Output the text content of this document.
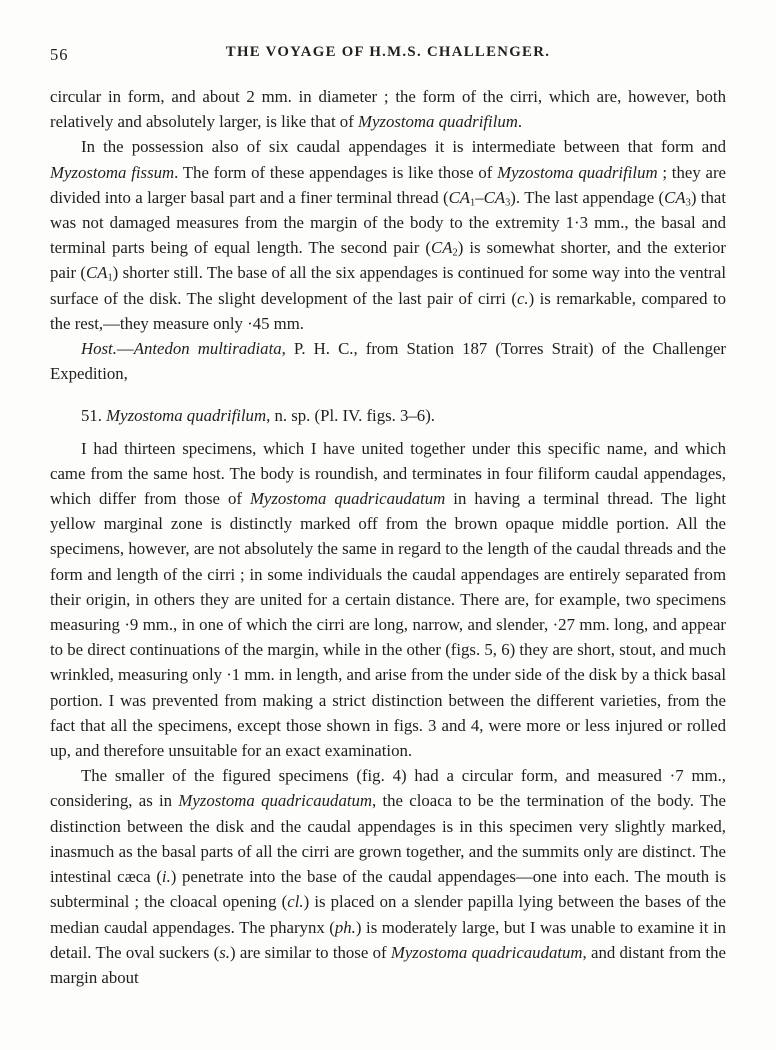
56	THE VOYAGE OF H.M.S. CHALLENGER.

circular in form, and about 2 mm. in diameter ; the form of the cirri, which are, however, both relatively and absolutely larger, is like that of Myzostoma quadrifilum.

In the possession also of six caudal appendages it is intermediate between that form and Myzostoma fissum. The form of these appendages is like those of Myzostoma quadrifilum ; they are divided into a larger basal part and a finer terminal thread $(CA_1-CA_3)$. The last appendage $(CA_3)$ that was not damaged measures from the margin of the body to the extremity 1·3 mm., the basal and terminal parts being of equal length. The second pair $(CA_2)$ is somewhat shorter, and the exterior pair $(CA_1)$ shorter still. The base of all the six appendages is continued for some way into the ventral surface of the disk. The slight development of the last pair of cirri (c.) is remarkable, compared to the rest,—they measure only ·45 mm.

Host.—Antedon multiradiata, P. H. C., from Station 187 (Torres Strait) of the Challenger Expedition,

51. Myzostoma quadrifilum, n. sp. (Pl. IV. figs. 3–6).

I had thirteen specimens, which I have united together under this specific name, and which came from the same host. The body is roundish, and terminates in four filiform caudal appendages, which differ from those of Myzostoma quadricaudatum in having a terminal thread. The light yellow marginal zone is distinctly marked off from the brown opaque middle portion. All the specimens, however, are not absolutely the same in regard to the length of the caudal threads and the form and length of the cirri ; in some individuals the caudal appendages are entirely separated from their origin, in others they are united for a certain distance. There are, for example, two specimens measuring ·9 mm., in one of which the cirri are long, narrow, and slender, ·27 mm. long, and appear to be direct continuations of the margin, while in the other (figs. 5, 6) they are short, stout, and much wrinkled, measuring only ·1 mm. in length, and arise from the under side of the disk by a thick basal portion. I was prevented from making a strict distinction between the different varieties, from the fact that all the specimens, except those shown in figs. 3 and 4, were more or less injured or rolled up, and therefore unsuitable for an exact examination.

The smaller of the figured specimens (fig. 4) had a circular form, and measured ·7 mm., considering, as in Myzostoma quadricaudatum, the cloaca to be the termination of the body. The distinction between the disk and the caudal appendages is in this specimen very slightly marked, inasmuch as the basal parts of all the cirri are grown together, and the summits only are distinct. The intestinal cæca (i.) penetrate into the base of the caudal appendages—one into each. The mouth is subterminal ; the cloacal opening (cl.) is placed on a slender papilla lying between the bases of the median caudal appendages. The pharynx (ph.) is moderately large, but I was unable to examine it in detail. The oval suckers (s.) are similar to those of Myzostoma quadricaudatum, and distant from the margin about
